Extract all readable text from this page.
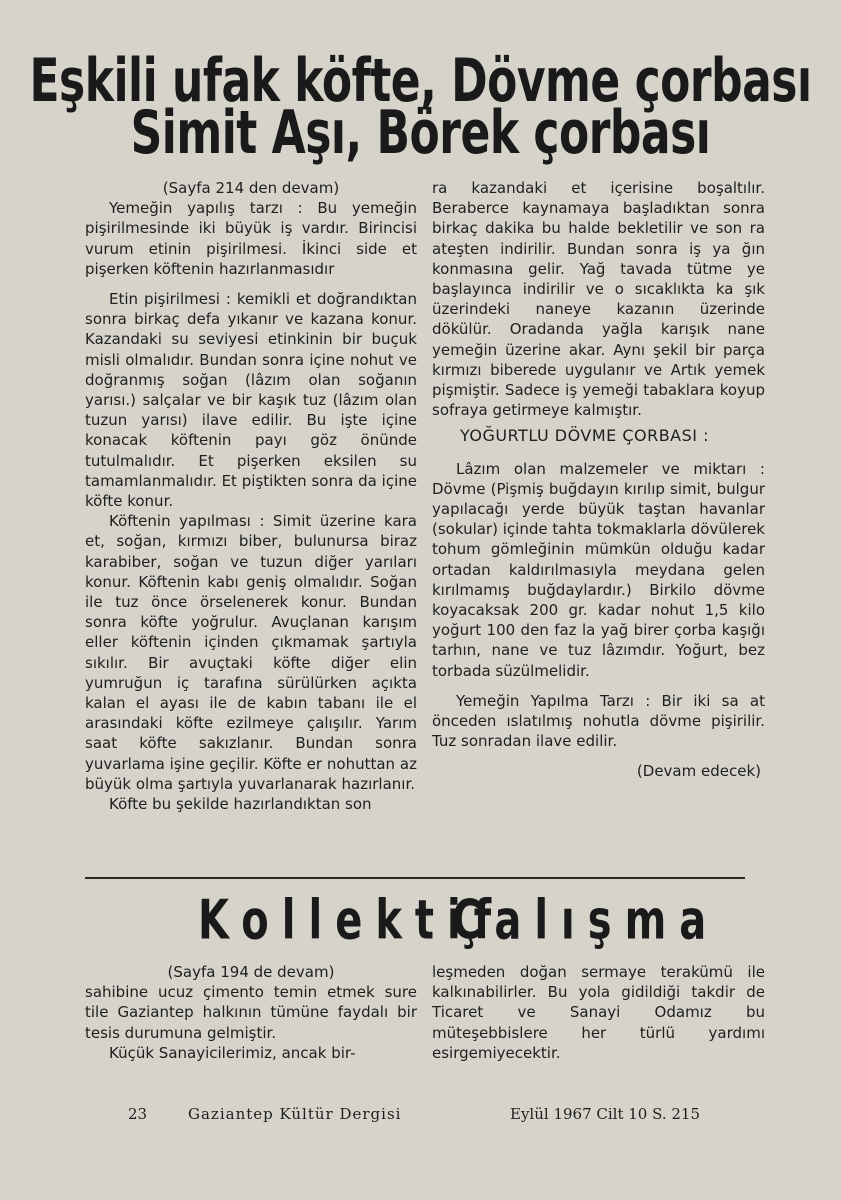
Eşkili ufak köfte, Dövme çorbası
Simit Aşı, Börek çorbası

(Sayfa 214 den devam)

Yemeğin yapılış tarzı : Bu yemeğin pişirilmesinde iki büyük iş vardır. Birincisi vurum etinin pişirilmesi. İkinci side et pişerken köftenin hazırlanmasıdır

Etin pişirilmesi : kemikli et doğrandıktan sonra birkaç defa yıkanır ve kazana konur. Kazandaki su seviyesi etinkinin bir buçuk misli olmalıdır. Bundan sonra içine nohut ve doğranmış soğan (lâzım olan soğanın yarısı.) salçalar ve bir kaşık tuz (lâzım olan tuzun yarısı) ilave edilir. Bu işte içine konacak köftenin payı göz önünde tutulmalıdır. Et pişerken eksilen su tamamlanmalıdır. Et piştikten sonra da içine köfte konur.

Köftenin yapılması : Simit üzerine kara et, soğan, kırmızı biber, bulunursa biraz karabiber, soğan ve tuzun diğer yarıları konur. Köftenin kabı geniş olmalıdır. Soğan ile tuz önce örselenerek konur. Bundan sonra köfte yoğrulur. Avuçlanan karışım eller köftenin içinden çıkmamak şartıyla sıkılır. Bir avuçtaki köfte diğer elin yumruğun iç tarafına sürülürken açıkta kalan el ayası ile de kabın tabanı ile el arasındaki köfte ezilmeye çalışılır. Yarım saat köfte sakızlanır. Bundan sonra yuvarlama işine geçilir. Köfte er nohuttan az büyük olma şartıyla yuvarlanarak hazırlanır.

Köfte bu şekilde hazırlandıktan son

ra kazandaki et içerisine boşaltılır. Beraberce kaynamaya başladıktan sonra birkaç dakika bu halde bekletilir ve son ra ateşten indirilir. Bundan sonra iş ya ğın konmasına gelir. Yağ tavada tütme ye başlayınca indirilir ve o sıcaklıkta ka şık üzerindeki naneye kazanın üzerinde dökülür. Oradanda yağla karışık nane yemeğin üzerine akar. Aynı şekil bir parça kırmızı biberede uygulanır ve Artık yemek pişmiştir. Sadece iş yemeği tabaklara koyup sofraya getirmeye kalmıştır.

YOĞURTLU DÖVME ÇORBASI :

Lâzım olan malzemeler ve miktarı : Dövme (Pişmiş buğdayın kırılıp simit, bulgur yapılacağı yerde büyük taştan havanlar (sokular) içinde tahta tokmaklarla dövülerek tohum gömleğinin mümkün olduğu kadar ortadan kaldırılmasıyla meydana gelen kırılmamış buğdaylardır.) Birkilo dövme koyacaksak 200 gr. kadar nohut 1,5 kilo yoğurt 100 den faz la yağ birer çorba kaşığı tarhın, nane ve tuz lâzımdır. Yoğurt, bez torbada süzülmelidir.

Yemeğin Yapılma Tarzı : Bir iki sa at önceden ıslatılmış nohutla dövme pişirilir. Tuz sonradan ilave edilir.

(Devam edecek)

Kollektif
Çalışma

(Sayfa 194 de devam)

sahibine ucuz çimento temin etmek sure tile Gaziantep halkının tümüne faydalı bir tesis durumuna gelmiştir.

Küçük Sanayicilerimiz, ancak bir-

leşmeden doğan sermaye terakümü ile kalkınabilirler. Bu yola gidildiği takdir de Ticaret ve Sanayi Odamız bu müteşebbislere her türlü yardımı esirgemiyecektir.

23	Gaziantep Kültür Dergisi	Eylül 1967 Cilt 10 S. 215
